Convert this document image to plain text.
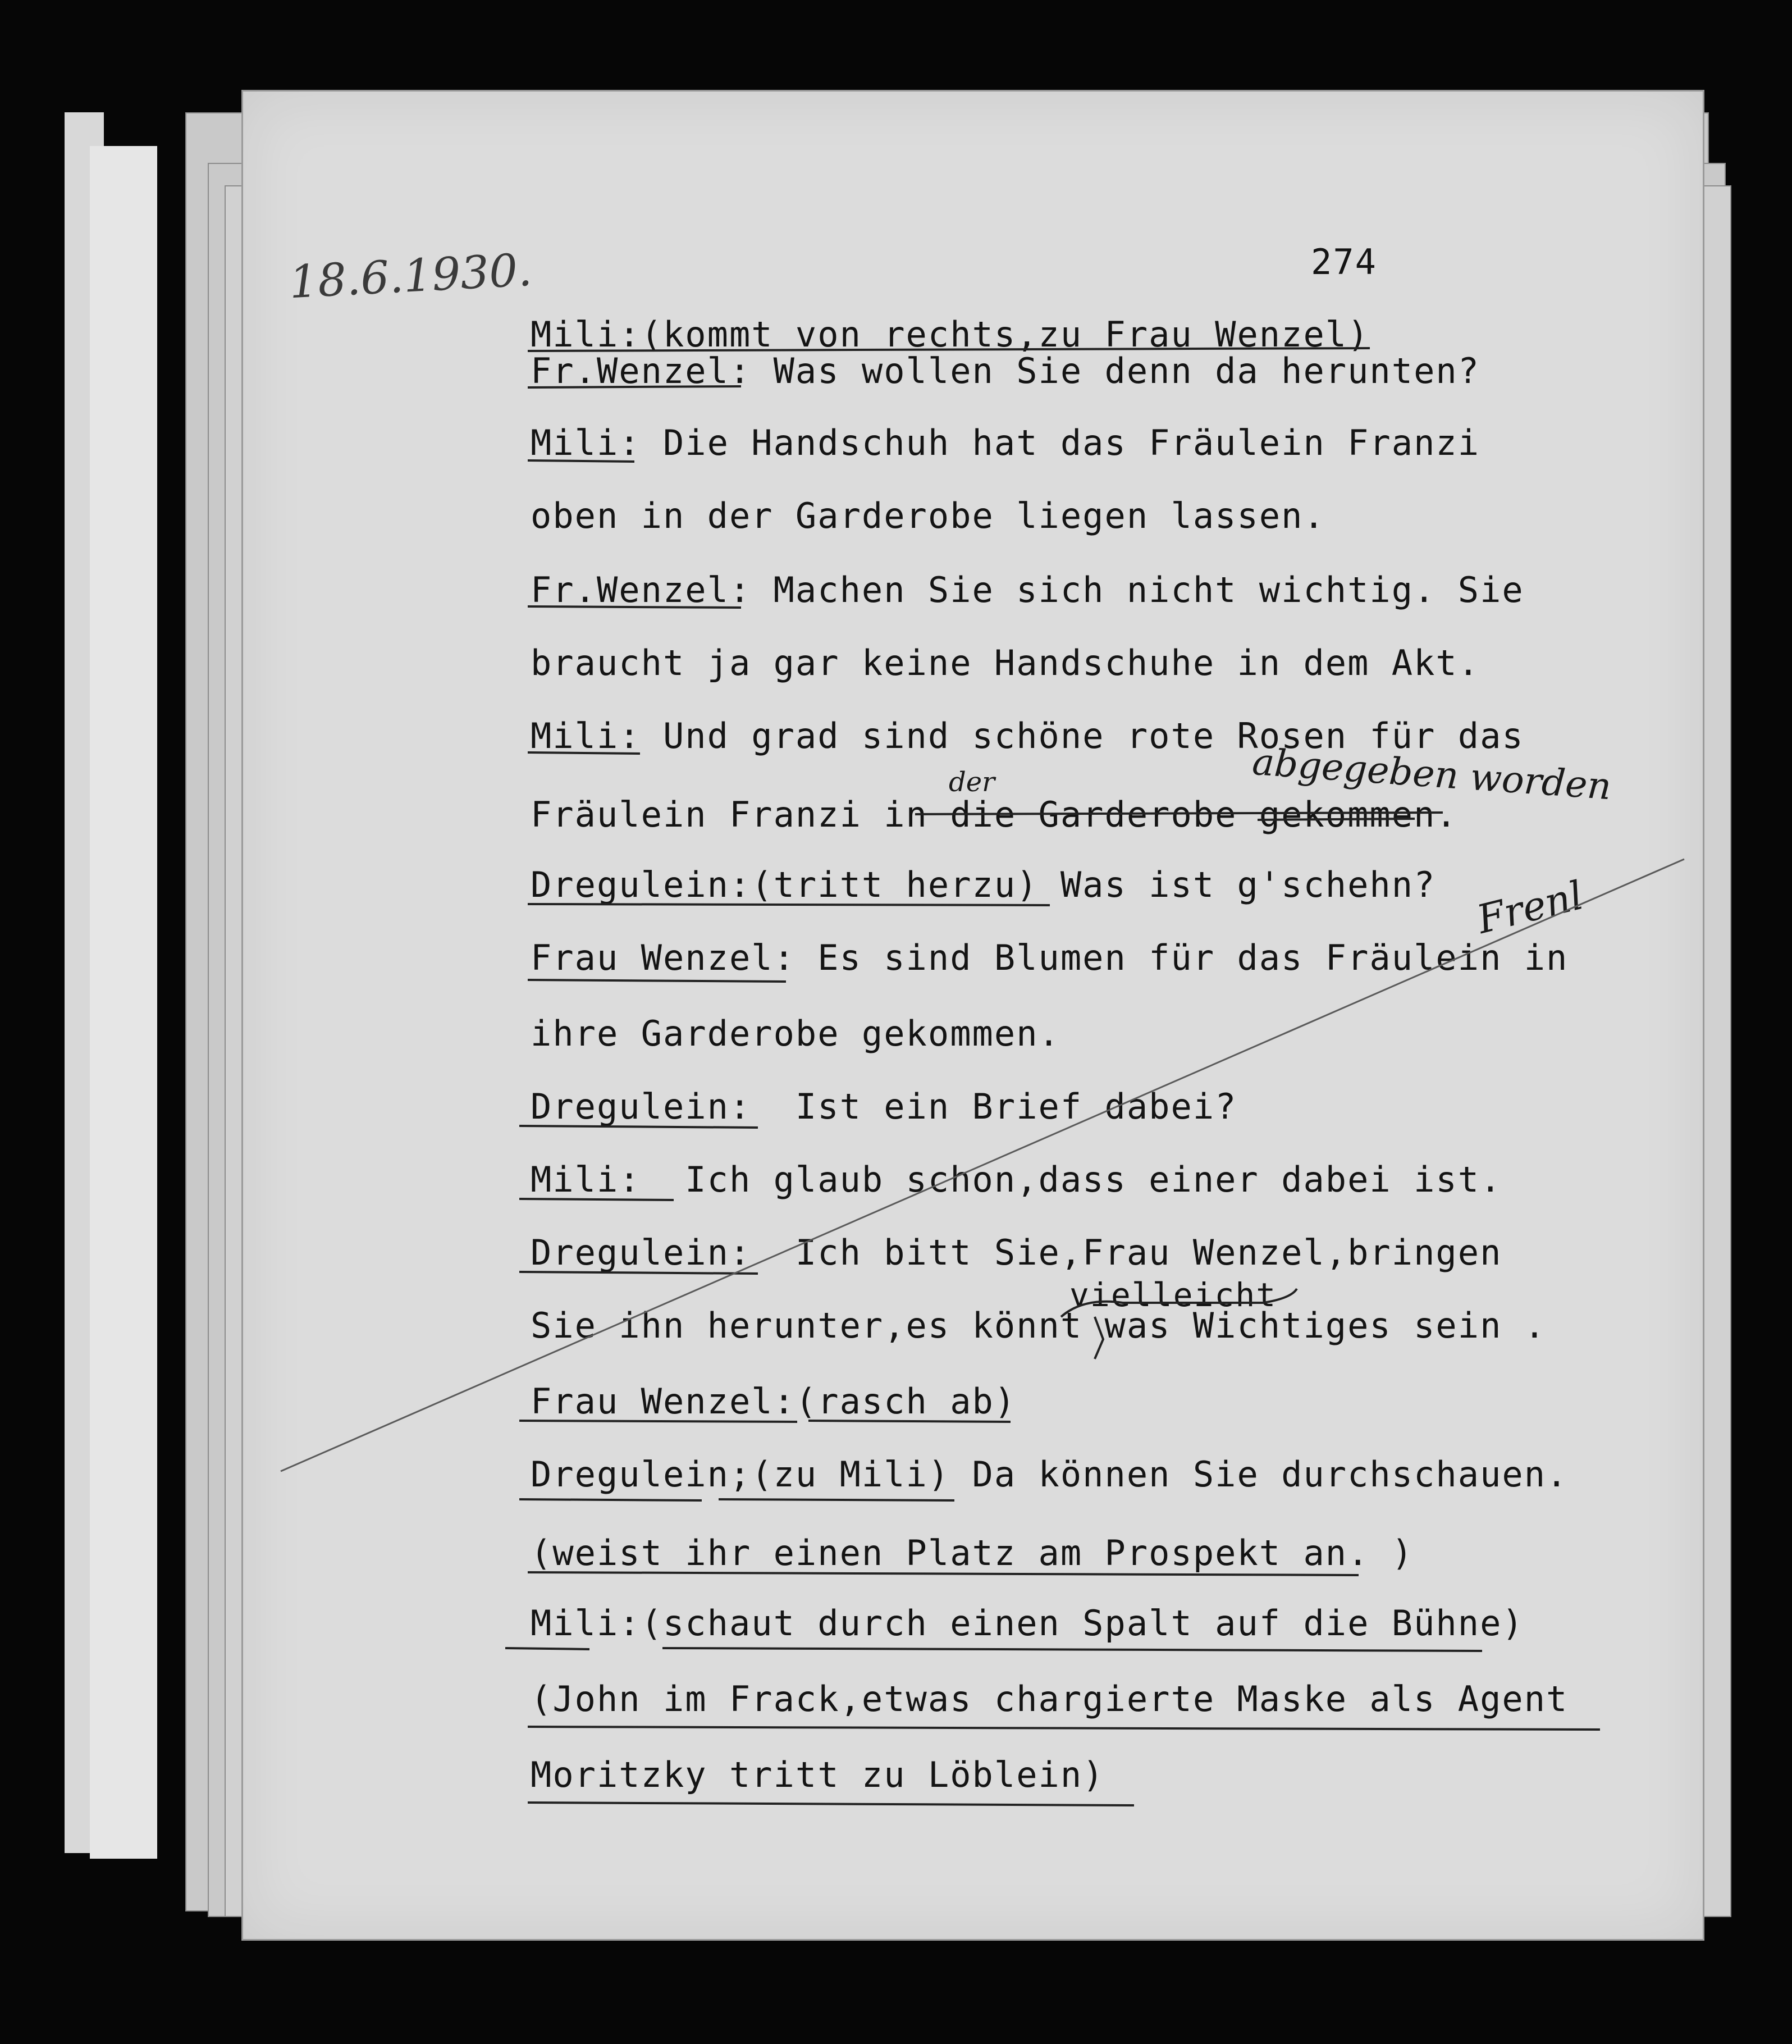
18.6.1930.	274
Mili:(kommt von rechts,zu Frau Wenzel)
Fr.Wenzel: Was wollen Sie denn da herunten?
Mili: Die Handschuh hat das Fräulein Franzi
oben in der Garderobe liegen lassen.
Fr.Wenzel: Machen Sie sich nicht wichtig. Sie
braucht ja gar keine Handschuhe in dem Akt.
Mili: Und grad sind schöne rote Rosen für das
Fräulein Franzi in die Garderobe gekommen.
Dregulein:(tritt herzu) Was ist g'schehn?
Frau Wenzel: Es sind Blumen für das Fräulein in
ihre Garderobe gekommen.
Dregulein:  Ist ein Brief dabei?
Mili:  Ich glaub schon,dass einer dabei ist.
Dregulein:  Ich bitt Sie,Frau Wenzel,bringen
Sie ihn herunter,es könnt was Wichtiges sein .
Frau Wenzel:(rasch ab)
Dregulein;(zu Mili) Da können Sie durchschauen.
(weist ihr einen Platz am Prospekt an. )
Mili:(schaut durch einen Spalt auf die Bühne)
(John im Frack,etwas chargierte Maske als Agent
Moritzky tritt zu Löblein)
vielleicht
abgegeben worden
der
Frenl
